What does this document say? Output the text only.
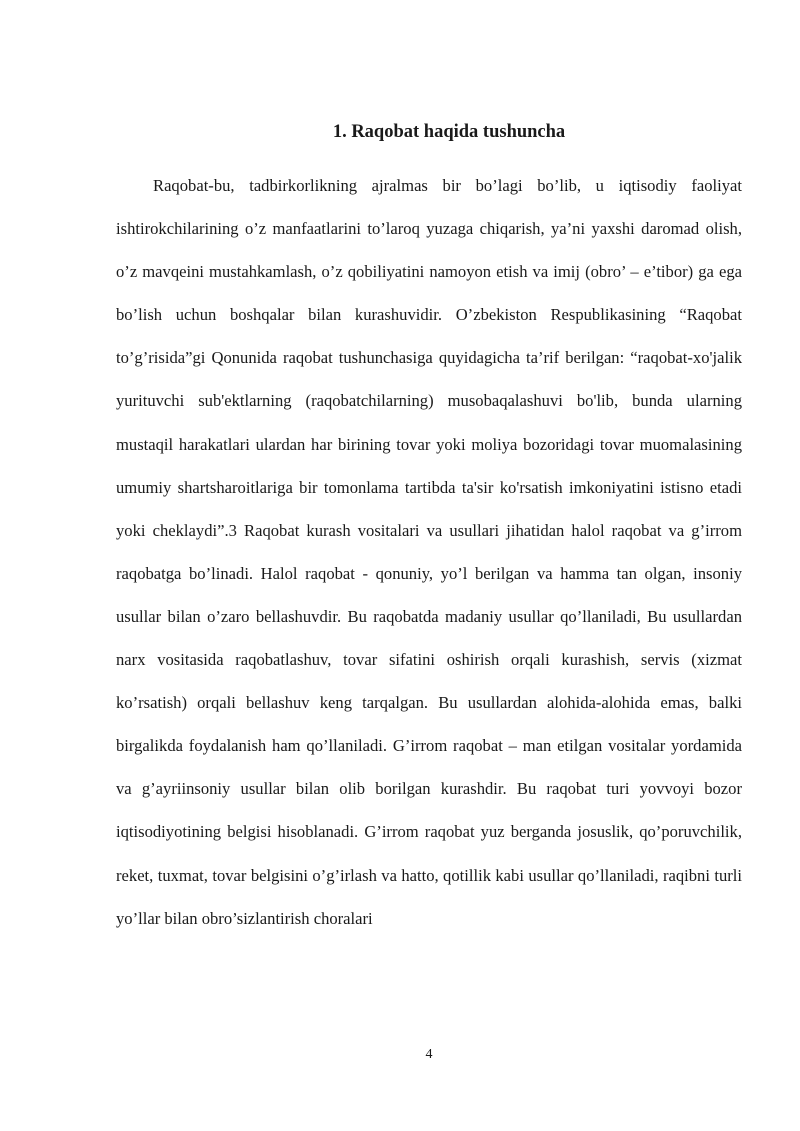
1. Raqobat haqida tushuncha

Raqobat-bu, tadbirkorlikning ajralmas bir bo’lagi bo’lib, u iqtisodiy faoliyat ishtirokchilarining o’z manfaatlarini to’laroq yuzaga chiqarish, ya’ni yaxshi daromad olish, o’z mavqeini mustahkamlash, o’z qobiliyatini namoyon etish va imij (obro’ – e’tibor) ga ega bo’lish uchun boshqalar bilan kurashuvidir. O’zbekiston Respublikasining “Raqobat to’g’risida”gi Qonunida raqobat tushunchasiga quyidagicha ta’rif berilgan: “raqobat-xo'jalik yurituvchi sub'ektlarning (raqobatchilarning) musobaqalashuvi bo'lib, bunda ularning mustaqil harakatlari ulardan har birining tovar yoki moliya bozoridagi tovar muomalasining umumiy shartsharoitlariga bir tomonlama tartibda ta'sir ko'rsatish imkoniyatini istisno etadi yoki cheklaydi”.3 Raqobat kurash vositalari va usullari jihatidan halol raqobat va g’irrom raqobatga bo’linadi. Halol raqobat - qonuniy, yo’l berilgan va hamma tan olgan, insoniy usullar bilan o’zaro bellashuvdir. Bu raqobatda madaniy usullar qo’llaniladi, Bu usullardan narx vositasida raqobatlashuv, tovar sifatini oshirish orqali kurashish, servis (xizmat ko’rsatish) orqali bellashuv keng tarqalgan. Bu usullardan alohida-alohida emas, balki birgalikda foydalanish ham qo’llaniladi. G’irrom raqobat – man etilgan vositalar yordamida va g’ayriinsoniy usullar bilan olib borilgan kurashdir. Bu raqobat turi yovvoyi bozor iqtisodiyotining belgisi hisoblanadi. G’irrom raqobat yuz berganda josuslik, qo’poruvchilik, reket, tuxmat, tovar belgisini o’g’irlash va hatto, qotillik kabi usullar qo’llaniladi, raqibni turli yo’llar bilan obro’sizlantirish choralari

4
